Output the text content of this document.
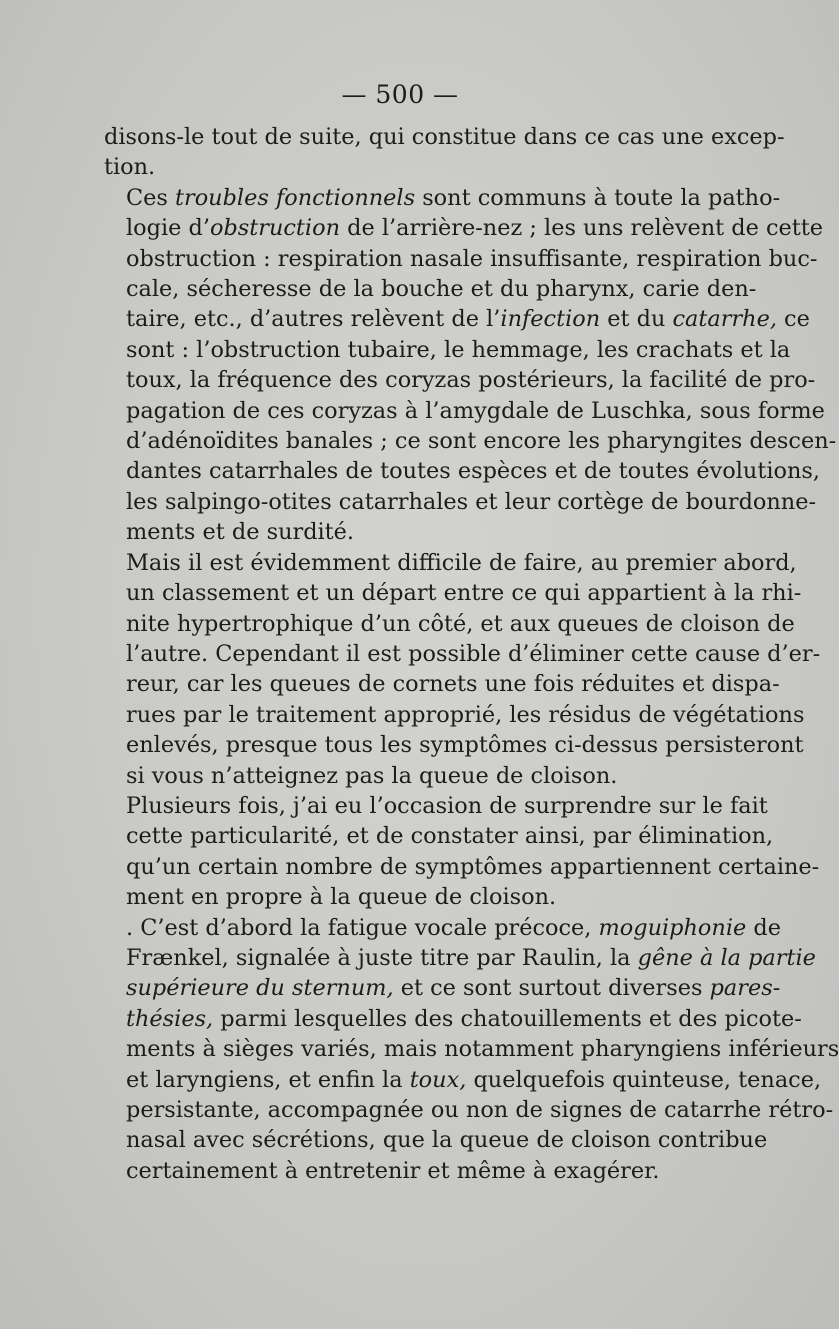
— 500 —
disons-le tout de suite, qui constitue dans ce cas une excep-
tion.
Ces troubles fonctionnels sont communs à toute la patho-
logie d’obstruction de l’arrière-nez ; les uns relèvent de cette
obstruction : respiration nasale insuffisante, respiration buc-
cale, sécheresse de la bouche et du pharynx, carie den-
taire, etc., d’autres relèvent de l’infection et du catarrhe, ce
sont : l’obstruction tubaire, le hemmage, les crachats et la
toux, la fréquence des coryzas postérieurs, la facilité de pro-
pagation de ces coryzas à l’amygdale de Luschka, sous forme
d’adénoïdites banales ; ce sont encore les pharyngites descen-
dantes catarrhales de toutes espèces et de toutes évolutions,
les salpingo-otites catarrhales et leur cortège de bourdonne-
ments et de surdité.
Mais il est évidemment difficile de faire, au premier abord,
un classement et un départ entre ce qui appartient à la rhi-
nite hypertrophique d’un côté, et aux queues de cloison de
l’autre. Cependant il est possible d’éliminer cette cause d’er-
reur, car les queues de cornets une fois réduites et dispa-
rues par le traitement approprié, les résidus de végétations
enlevés, presque tous les symptômes ci-dessus persisteront
si vous n’atteignez pas la queue de cloison.
Plusieurs fois, j’ai eu l’occasion de surprendre sur le fait
cette particularité, et de constater ainsi, par élimination,
qu’un certain nombre de symptômes appartiennent certaine-
ment en propre à la queue de cloison.
. C’est d’abord la fatigue vocale précoce, moguiphonie de
Frænkel, signalée à juste titre par Raulin, la gêne à la partie
supérieure du sternum, et ce sont surtout diverses pares-
thésies, parmi lesquelles des chatouillements et des picote-
ments à sièges variés, mais notamment pharyngiens inférieurs
et laryngiens, et enfin la toux, quelquefois quinteuse, tenace,
persistante, accompagnée ou non de signes de catarrhe rétro-
nasal avec sécrétions, que la queue de cloison contribue
certainement à entretenir et même à exagérer.
